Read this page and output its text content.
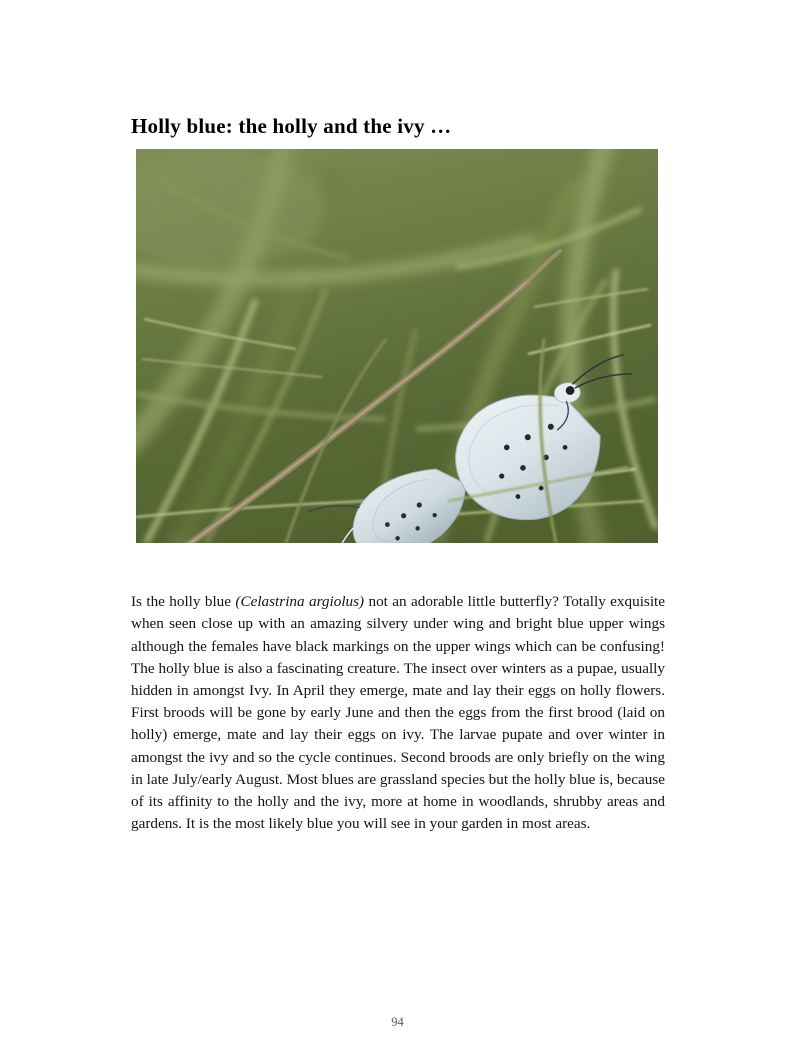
Holly blue: the holly and the ivy …

Is the holly blue (Celastrina argiolus) not an adorable little butterfly? Totally exquisite when seen close up with an amazing silvery under wing and bright blue upper wings although the females have black markings on the upper wings which can be confusing! The holly blue is also a fascinating creature. The insect over winters as a pupae, usually hidden in amongst Ivy. In April they emerge, mate and lay their eggs on holly flowers. First broods will be gone by early June and then the eggs from the first brood (laid on holly) emerge, mate and lay their eggs on ivy. The larvae pupate and over winter in amongst the ivy and so the cycle continues. Second broods are only briefly on the wing in late July/early August. Most blues are grassland species but the holly blue is, because of its affinity to the holly and the ivy, more at home in woodlands, shrubby areas and gardens. It is the most likely blue you will see in your garden in most areas.

94
